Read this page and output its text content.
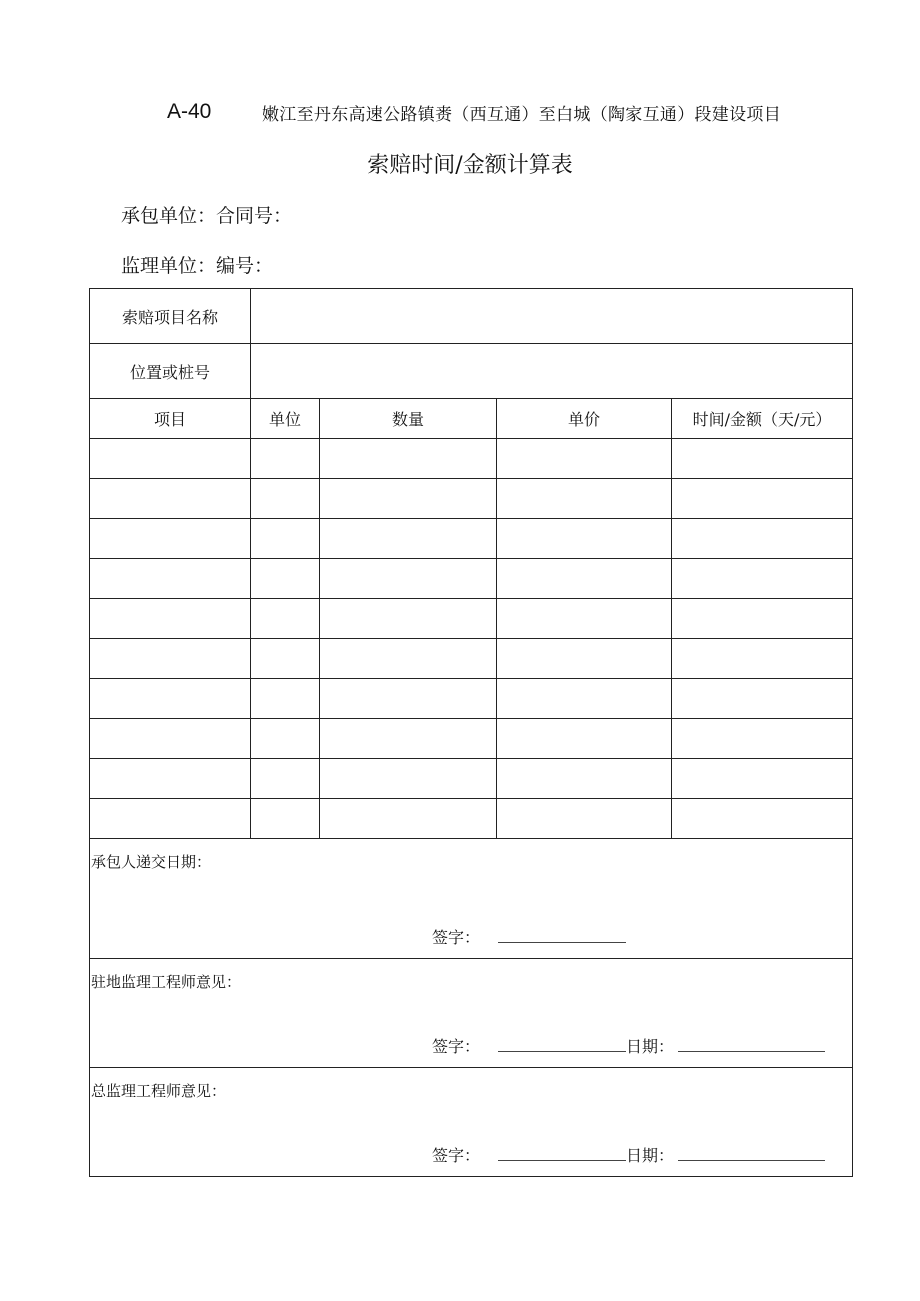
A-40	嫩江至丹东高速公路镇赉（西互通）至白城（陶家互通）段建设项目
索赔时间/金额计算表
承包单位：合同号：
监理单位：编号：
索赔项目名称				
位置或桩号				
项目	单位	数量	单价	时间/金额（天/元）

承包人递交日期：
签字：				

驻地监理工程师意见：
签字： 日期：				

总监理工程师意见：
签字： 日期：				
